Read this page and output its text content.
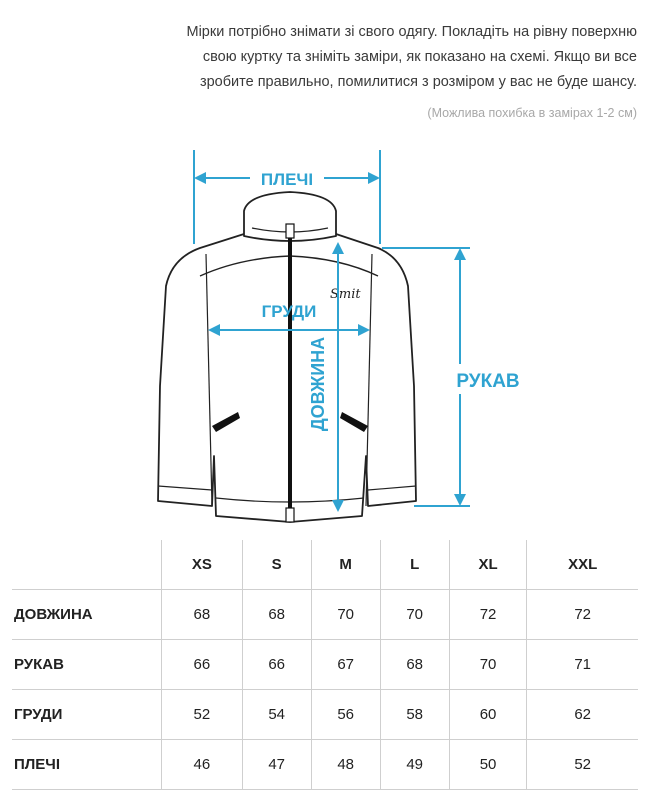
Мірки потрібно знімати зі свого одягу. Покладіть на рівну поверхню
свою куртку та зніміть заміри, як показано на схемі. Якщо ви все
зробите правильно, помилитися з розміром у вас не буде шансу.
(Можлива похибка в замірах 1-2 см)
Smit
ПЛЕЧІ
ГРУДИ
ДОВЖИНА	РУКАВ
	XS	S	M	L	XL	XXL
ДОВЖИНА	68	68	70	70	72	72
РУКАВ	66	66	67	68	70	71
ГРУДИ	52	54	56	58	60	62
ПЛЕЧІ	46	47	48	49	50	52
